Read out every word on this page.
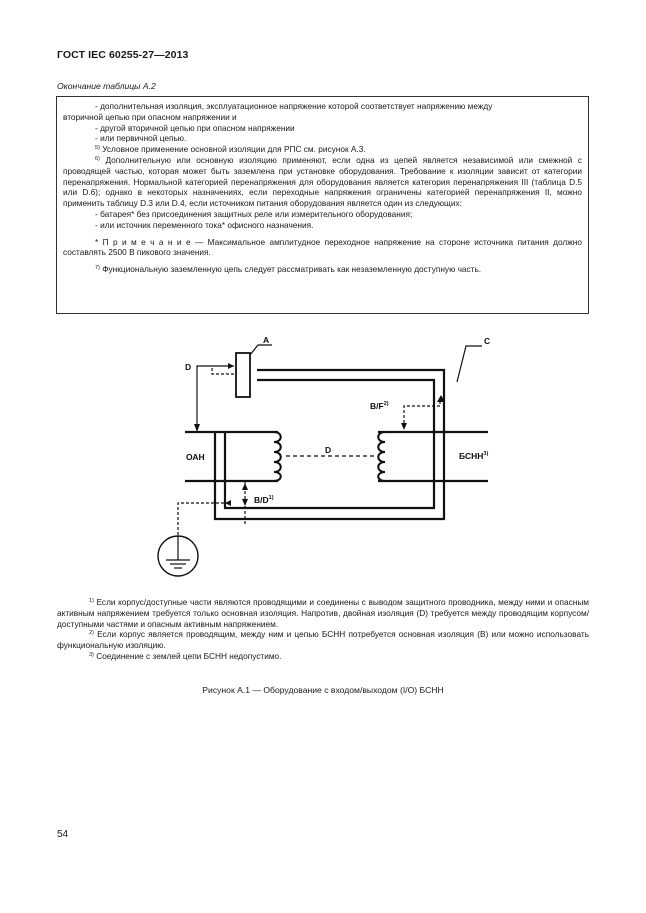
ГОСТ IEC 60255-27—2013
Окончание таблицы А.2

- дополнительная изоляция, эксплуатационное напряжение которой соответствует напряжению между

вторичной цепью при опасном напряжении и

- другой вторичной цепью при опасном напряжении

- или первичной цепью.

$^{5)}$ Условное применение основной изоляции для РПС см. рисунок А.3.

$^{6)}$ Дополнительную или основную изоляцию применяют, если одна из цепей является независимой или смежной с проводящей частью, которая может быть заземлена при установке оборудования. Требование к изоляции зависит от категории перенапряжения. Нормальной категорией перенапряжения для оборудования является категория перенапряжения III (таблица D.5 или D.6); однако в некоторых назначениях, если переходные напряжения ограничены категорией перенапряжения II, можно применить таблицу D.3 или D.4, если источником питания оборудования является один из следующих:

- батарея* без присоединения защитных реле или измерительного оборудования;

- или источник переменного тока* офисного назначения.

* П р и м е ч а н и е — Максимальное амплитудное переходное напряжение на стороне источника питания должно составлять 2500 В пикового значения.

$^{7)}$ Функциональную заземленную цепь следует рассматривать как незаземленную доступную часть.

A	C
D
$B/F^{2)}$
ОАН
D
БСНН$^{3)}$
$B/D^{1)}$

$^{1)}$ Если корпус/доступные части являются проводящими и соединены с выводом защитного проводника, между ними и опасным активным напряжением требуется только основная изоляция. Напротив, двойная изоляция (D) требуется между проводящим корпусом/доступными частями и опасным активным напряжением.

$^{2)}$ Если корпус является проводящим, между ним и цепью БСНН потребуется основная изоляция (В) или можно использовать функциональную изоляцию.

$^{3)}$ Соединение с землей цепи БСНН недопустимо.

Рисунок А.1 — Оборудование с входом/выходом (I/O) БСНН
54
